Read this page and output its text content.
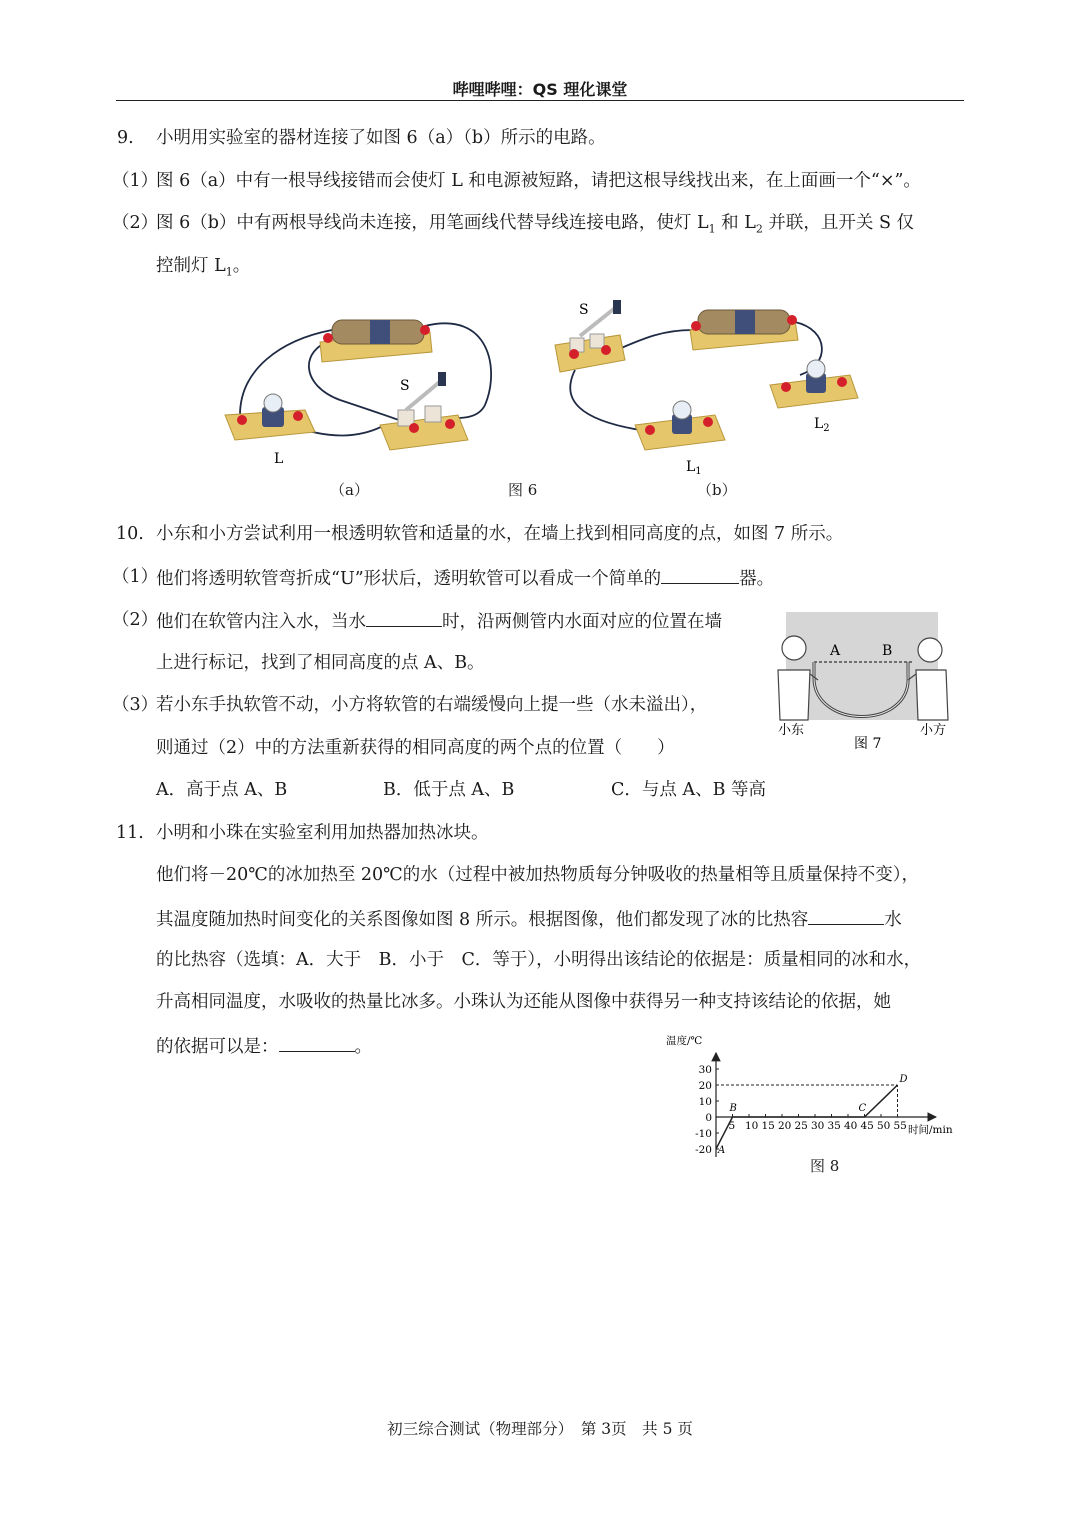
哔哩哔哩：QS 理化课堂
9. 小明用实验室的器材连接了如图 6（a）（b）所示的电路。
（1）
图 6（a）中有一根导线接错而会使灯 L 和电源被短路，请把这根导线找出来，在上面画一个“×”。
（2）
图 6（b）中有两根导线尚未连接，用笔画线代替导线连接电路，使灯 $L_1$ 和 $L_2$ 并联，且开关 S 仅
控制灯 $L_1$。
S
L
S
$L_1$
$L_2$
（a）	图 6	（b）
10. 小东和小方尝试利用一根透明软管和适量的水，在墙上找到相同高度的点，如图 7 所示。
（1）
他们将透明软管弯折成“U”形状后，透明软管可以看成一个简单的	器。
（2）
他们在软管内注入水，当水	时，沿两侧管内水面对应的位置在墙
上进行标记，找到了相同高度的点 A、B。
（3）
若小东手执软管不动，小方将软管的右端缓慢向上提一些（水未溢出），
则通过（2）中的方法重新获得的相同高度的两个点的位置（　　）
A．高于点 A、B	B．低于点 A、B	C．与点 A、B 等高
A	B
小东	小方
图 7
11. 小明和小珠在实验室利用加热器加热冰块。
他们将－20℃的冰加热至 20℃的水（过程中被加热物质每分钟吸收的热量相等且质量保持不变），
其温度随加热时间变化的关系图像如图 8 所示。根据图像，他们都发现了冰的比热容	水
的比热容（选填：A．大于　B．小于　C．等于），小明得出该结论的依据是：质量相同的冰和水，
升高相同温度，水吸收的热量比冰多。小珠认为还能从图像中获得另一种支持该结论的依据，她
的依据可以是：	。	温度/℃
时间/min
5 10 15 20 25 30 35 40 45 50 55
-20
-10
0
10
20
30
A
B	C
D
图 8
初三综合测试（物理部分）　第 3页　共 5 页
